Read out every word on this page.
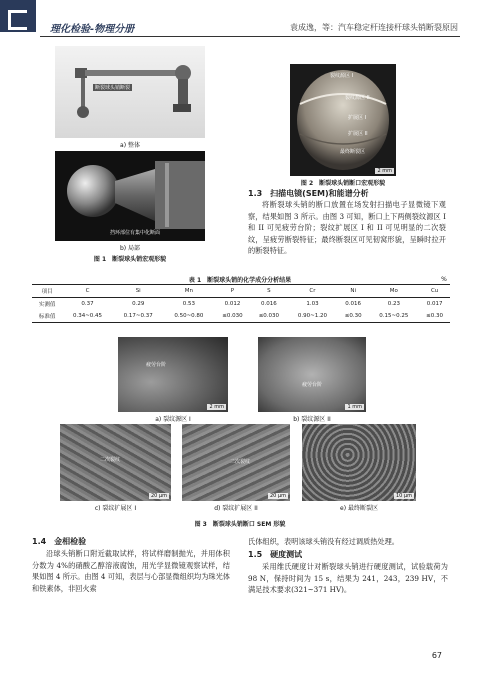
理化检验-物理分册	袁成逸，等：汽车稳定杆连接杆球头销断裂原因
断裂球头销断裂
a) 整体
挡环部位有集中化断面
b) 局部
图 1　断裂球头销宏观形貌
裂纹源区 I
裂纹源区 II
扩展区 I
扩展区 II
最终断裂区
2 mm
图 2　断裂球头销断口宏观形貌
1.3　扫描电镜(SEM)和能谱分析
将断裂球头销的断口放置在场发射扫描电子显微镜下观察，结果如图 3 所示。由图 3 可知，断口上下两侧裂纹源区 I 和 II 可见疲劳台阶；裂纹扩展区 I 和 II 可见明显的二次裂纹，呈疲劳断裂特征；最终断裂区可见韧窝形貌，呈瞬时拉开的断裂特征。
表 1　断裂球头销的化学成分分析结果	%
项目	C	Si	Mn	P	S	Cr	Ni	Mo	Cu
实测值	0.37	0.29	0.53	0.012	0.016	1.03	0.016	0.23	0.017
标准值	0.34~0.45	0.17~0.37	0.50~0.80	≤0.030	≤0.030	0.90~1.20	≤0.30	0.15~0.25	≤0.30
疲劳台阶
2 mm
a) 裂纹源区 I
疲劳台阶
1 mm
b) 裂纹源区 II
二次裂纹
20 μm
c) 裂纹扩展区 I
二次裂纹
20 μm
d) 裂纹扩展区 II
10 μm
e) 最终断裂区
图 3　断裂球头销断口 SEM 形貌
1.4　金相检验
沿球头销断口附近截取试样，将试样磨制抛光，并用体积分数为 4%的硝酸乙醇溶液腐蚀，用光学显微镜观察试样，结果如图 4 所示。由图 4 可知，表层与心部显微组织均为珠光体和铁素体，非回火索
氏体组织，表明该球头销没有经过调质热处理。
1.5　硬度测试
采用维氏硬度计对断裂球头销进行硬度测试，试验载荷为 98 N，保持时间为 15 s，结果为 241，243，239 HV，不满足技术要求(321~371 HV)。
67
